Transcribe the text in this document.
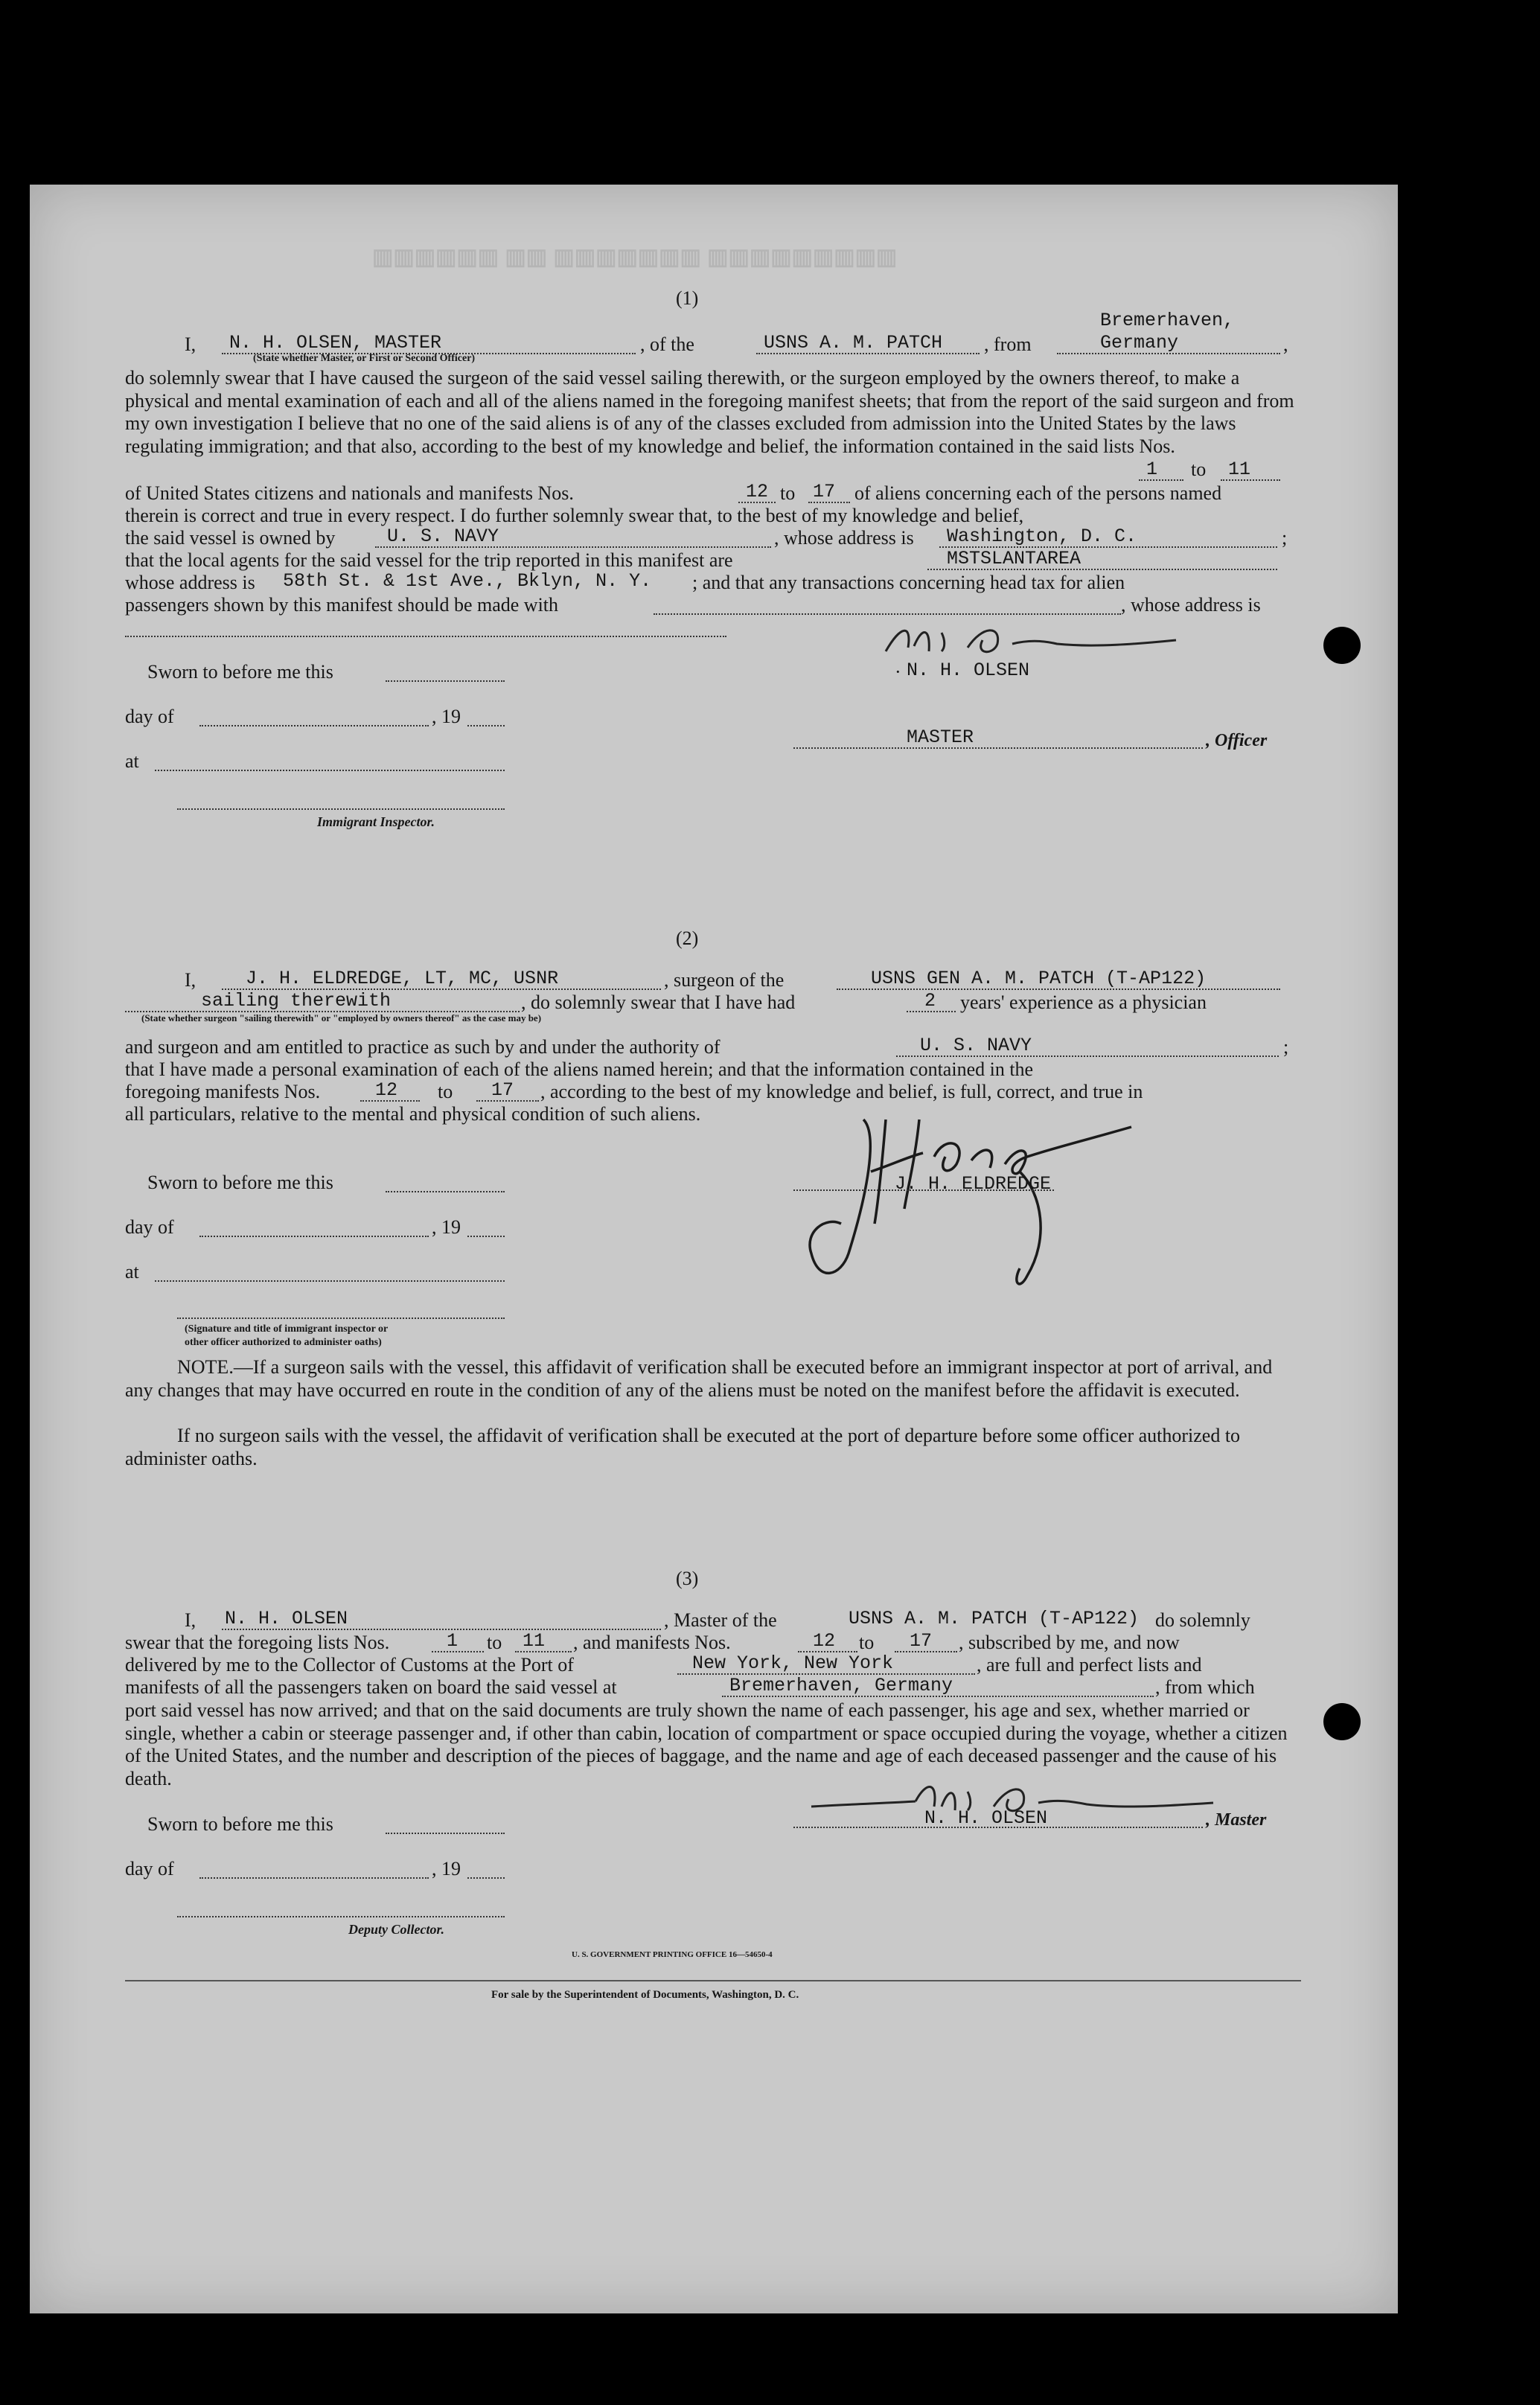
▥▥▥▥▥▥ ▥▥ ▥▥▥▥▥▥▥ ▥▥▥▥▥▥▥▥▥
(1)
Bremerhaven,
I, N. H. OLSEN, MASTER	, of the	USNS A. M. PATCH , from	Germany	,
(State whether Master, or First or Second Officer)
do solemnly swear that I have caused the surgeon of the said vessel sailing therewith, or the surgeon employed by the owners thereof, to make a physical and mental examination of each and all of the aliens named in the foregoing manifest sheets; that from the report of the said surgeon and from my own investigation I believe that no one of the said aliens is of any of the classes excluded from admission into the United States by the laws regulating immigration; and that also, according to the best of my knowledge and belief, the information contained in the said lists Nos.
1 to 11
of United States citizens and nationals and manifests Nos.	12 to 17 of aliens concerning each of the persons named
therein is correct and true in every respect. I do further solemnly swear that, to the best of my knowledge and belief,
the said vessel is owned by	U. S. NAVY	, whose address is Washington, D. C.	;
that the local agents for the said vessel for the trip reported in this manifest are	MSTSLANTAREA
whose address is 58th St. & 1st Ave., Bklyn, N. Y. ; and that any transactions concerning head tax for alien
passengers shown by this manifest should be made with	, whose address is
N. H. OLSEN
·
Sworn to before me this
day of	, 19
at
MASTER	, Officer
Immigrant Inspector.
(2)
I,	J. H. ELDREDGE, LT, MC, USNR	, surgeon of the	USNS GEN A. M. PATCH (T-AP122)
sailing therewith	, do solemnly swear that I have had	2 years' experience as a physician
(State whether surgeon "sailing therewith" or "employed by owners thereof" as the case may be)
and surgeon and am entitled to practice as such by and under the authority of	U. S. NAVY	;
that I have made a personal examination of each of the aliens named herein; and that the information contained in the
foregoing manifests Nos.	12 to 17 , according to the best of my knowledge and belief, is full, correct, and true in
all particulars, relative to the mental and physical condition of such aliens.
J. H. ELDREDGE
Sworn to before me this
day of	, 19
at
(Signature and title of immigrant inspector or
other officer authorized to administer oaths)
NOTE.—If a surgeon sails with the vessel, this affidavit of verification shall be executed before an immigrant inspector at port of arrival, and any changes that may have occurred en route in the condition of any of the aliens must be noted on the manifest before the affidavit is executed.
If no surgeon sails with the vessel, the affidavit of verification shall be executed at the port of departure before some officer authorized to administer oaths.
(3)
I, N. H. OLSEN	, Master of the	USNS A. M. PATCH (T-AP122) do solemnly
swear that the foregoing lists Nos.	1 to 11 , and manifests Nos.	12 to 17 , subscribed by me, and now
delivered by me to the Collector of Customs at the Port of	New York, New York	, are full and perfect lists and
manifests of all the passengers taken on board the said vessel at	Bremerhaven, Germany	, from which
port said vessel has now arrived; and that on the said documents are truly shown the name of each passenger, his age and sex, whether married or single, whether a cabin or steerage passenger and, if other than cabin, location of compartment or space occupied during the voyage, whether a citizen of the United States, and the number and description of the pieces of baggage, and the name and age of each deceased passenger and the cause of his death.
N. H. OLSEN	, Master
Sworn to before me this
day of	, 19
Deputy Collector.
U. S. GOVERNMENT PRINTING OFFICE 16—54650-4
For sale by the Superintendent of Documents, Washington, D. C.
